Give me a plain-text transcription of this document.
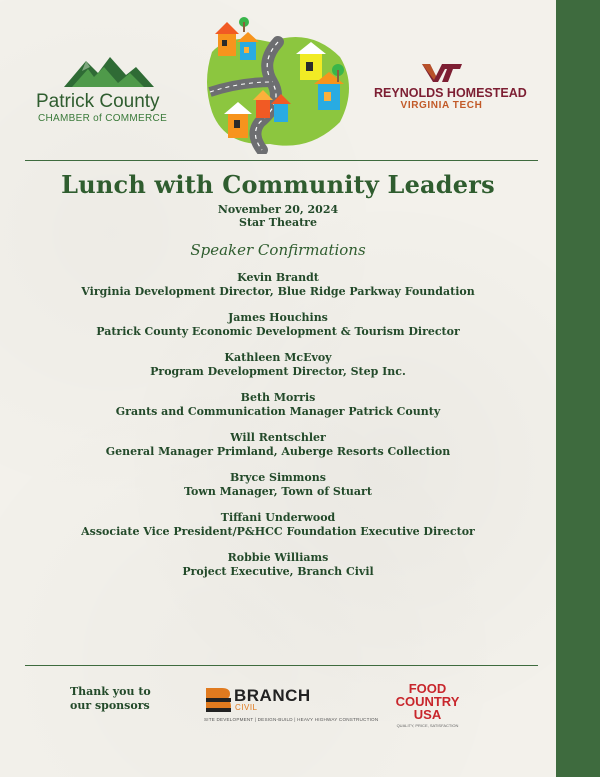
Patrick County
CHAMBER of COMMERCE
REYNOLDS HOMESTEAD
VIRGINIA TECH
Lunch with Community Leaders
November 20, 2024
Star Theatre
Speaker Confirmations
Kevin Brandt
Virginia Development Director, Blue Ridge Parkway Foundation
James Houchins
Patrick County Economic Development & Tourism Director
Kathleen McEvoy
Program Development Director, Step Inc.
Beth Morris
Grants and Communication Manager Patrick County
Will Rentschler
General Manager Primland, Auberge Resorts Collection
Bryce Simmons
Town Manager, Town of Stuart
Tiffani Underwood
Associate Vice President/P&HCC Foundation Executive Director
Robbie Williams
Project Executive, Branch Civil
Thank you to
our sponsors
BRANCH
CIVIL
SITE DEVELOPMENT | DESIGN-BUILD | HEAVY HIGHWAY CONSTRUCTION
FOOD
COUNTRY USA
QUALITY, PRICE, SATISFACTION
